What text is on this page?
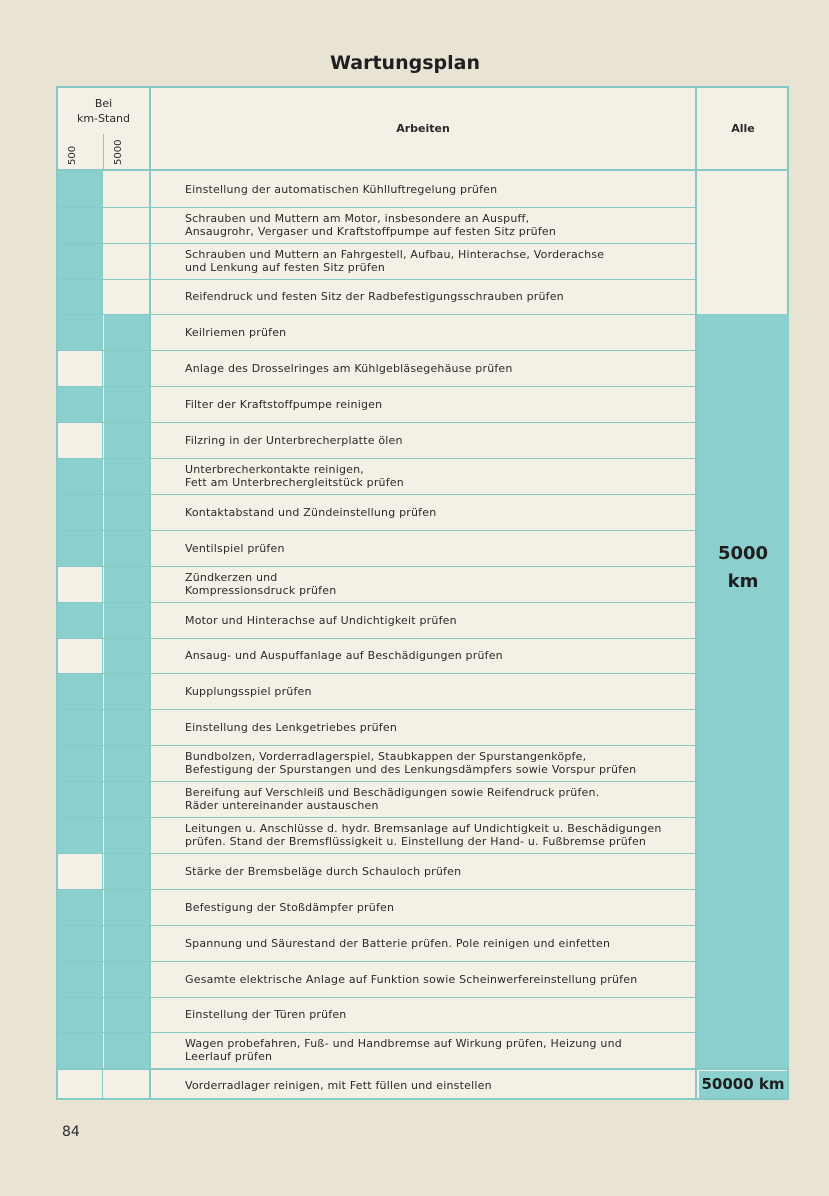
Wartungsplan
Bei
km-Stand
500	5000
Arbeiten	Alle
5000
km
Einstellung der automatischen Kühlluftregelung prüfen
Schrauben und Muttern am Motor, insbesondere an Auspuff,
Ansaugrohr, Vergaser und Kraftstoffpumpe auf festen Sitz prüfen
Schrauben und Muttern an Fahrgestell, Aufbau, Hinterachse, Vorderachse
und Lenkung auf festen Sitz prüfen
Reifendruck und festen Sitz der Radbefestigungsschrauben prüfen
Keilriemen prüfen
Anlage des Drosselringes am Kühlgebläsegehäuse prüfen
Filter der Kraftstoffpumpe reinigen
Filzring in der Unterbrecherplatte ölen
Unterbrecherkontakte reinigen,
Fett am Unterbrechergleitstück prüfen
Kontaktabstand und Zündeinstellung prüfen
Ventilspiel prüfen
Zündkerzen und
Kompressionsdruck prüfen
Motor und Hinterachse auf Undichtigkeit prüfen
Ansaug- und Auspuffanlage auf Beschädigungen prüfen
Kupplungsspiel prüfen
Einstellung des Lenkgetriebes prüfen
Bundbolzen, Vorderradlagerspiel, Staubkappen der Spurstangenköpfe,
Befestigung der Spurstangen und des Lenkungsdämpfers sowie Vorspur prüfen
Bereifung auf Verschleiß und Beschädigungen sowie Reifendruck prüfen.
Räder untereinander austauschen
Leitungen u. Anschlüsse d. hydr. Bremsanlage auf Undichtigkeit u. Beschädigungen
prüfen. Stand der Bremsflüssigkeit u. Einstellung der Hand- u. Fußbremse prüfen
Stärke der Bremsbeläge durch Schauloch prüfen
Befestigung der Stoßdämpfer prüfen
Spannung und Säurestand der Batterie prüfen. Pole reinigen und einfetten
Gesamte elektrische Anlage auf Funktion sowie Scheinwerfereinstellung prüfen
Einstellung der Türen prüfen
Wagen probefahren, Fuß- und Handbremse auf Wirkung prüfen, Heizung und
Leerlauf prüfen
Vorderradlager reinigen, mit Fett füllen und einstellen	50000 km
84
